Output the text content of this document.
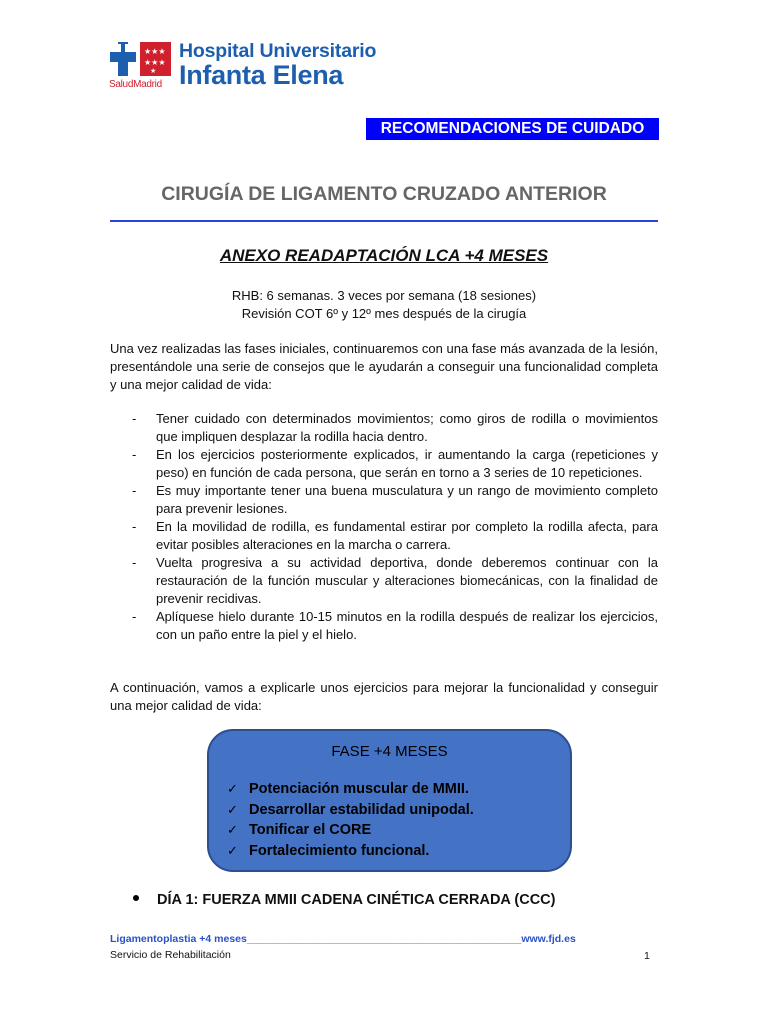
★★★
★★★
★
SaludMadrid
Hospital Universitario
Infanta Elena
RECOMENDACIONES DE CUIDADO
CIRUGÍA DE LIGAMENTO CRUZADO ANTERIOR
ANEXO READAPTACIÓN LCA +4 MESES
RHB: 6 semanas. 3 veces por semana (18 sesiones)
Revisión COT 6º y 12º mes después de la cirugía
Una vez realizadas las fases iniciales, continuaremos con una fase más avanzada de la lesión, presentándole una serie de consejos que le ayudarán a conseguir una funcionalidad completa y una mejor calidad de vida:
- Tener cuidado con determinados movimientos; como giros de rodilla o movimientos que impliquen desplazar la rodilla hacia dentro.
- En los ejercicios posteriormente explicados, ir aumentando la carga (repeticiones y peso) en función de cada persona, que serán en torno a 3 series de 10 repeticiones.
- Es muy importante tener una buena musculatura y un rango de movimiento completo para prevenir lesiones.
- En la movilidad de rodilla, es fundamental estirar por completo la rodilla afecta, para evitar posibles alteraciones en la marcha o carrera.
- Vuelta progresiva a su actividad deportiva, donde deberemos continuar con la restauración de la función muscular y alteraciones biomecánicas, con la finalidad de prevenir recidivas.
- Aplíquese hielo durante 10-15 minutos en la rodilla después de realizar los ejercicios, con un paño entre la piel y el hielo.
A continuación, vamos a explicarle unos ejercicios para mejorar la funcionalidad y conseguir una mejor calidad de vida:
FASE +4 MESES
✓ Potenciación muscular de MMII.
✓ Desarrollar estabilidad unipodal.
✓ Tonificar el CORE
✓ Fortalecimiento funcional.
DÍA 1: FUERZA MMII CADENA CINÉTICA CERRADA (CCC)
Ligamentoplastia +4 meses_______________________________________________www.fjd.es
Servicio de Rehabilitación	1
